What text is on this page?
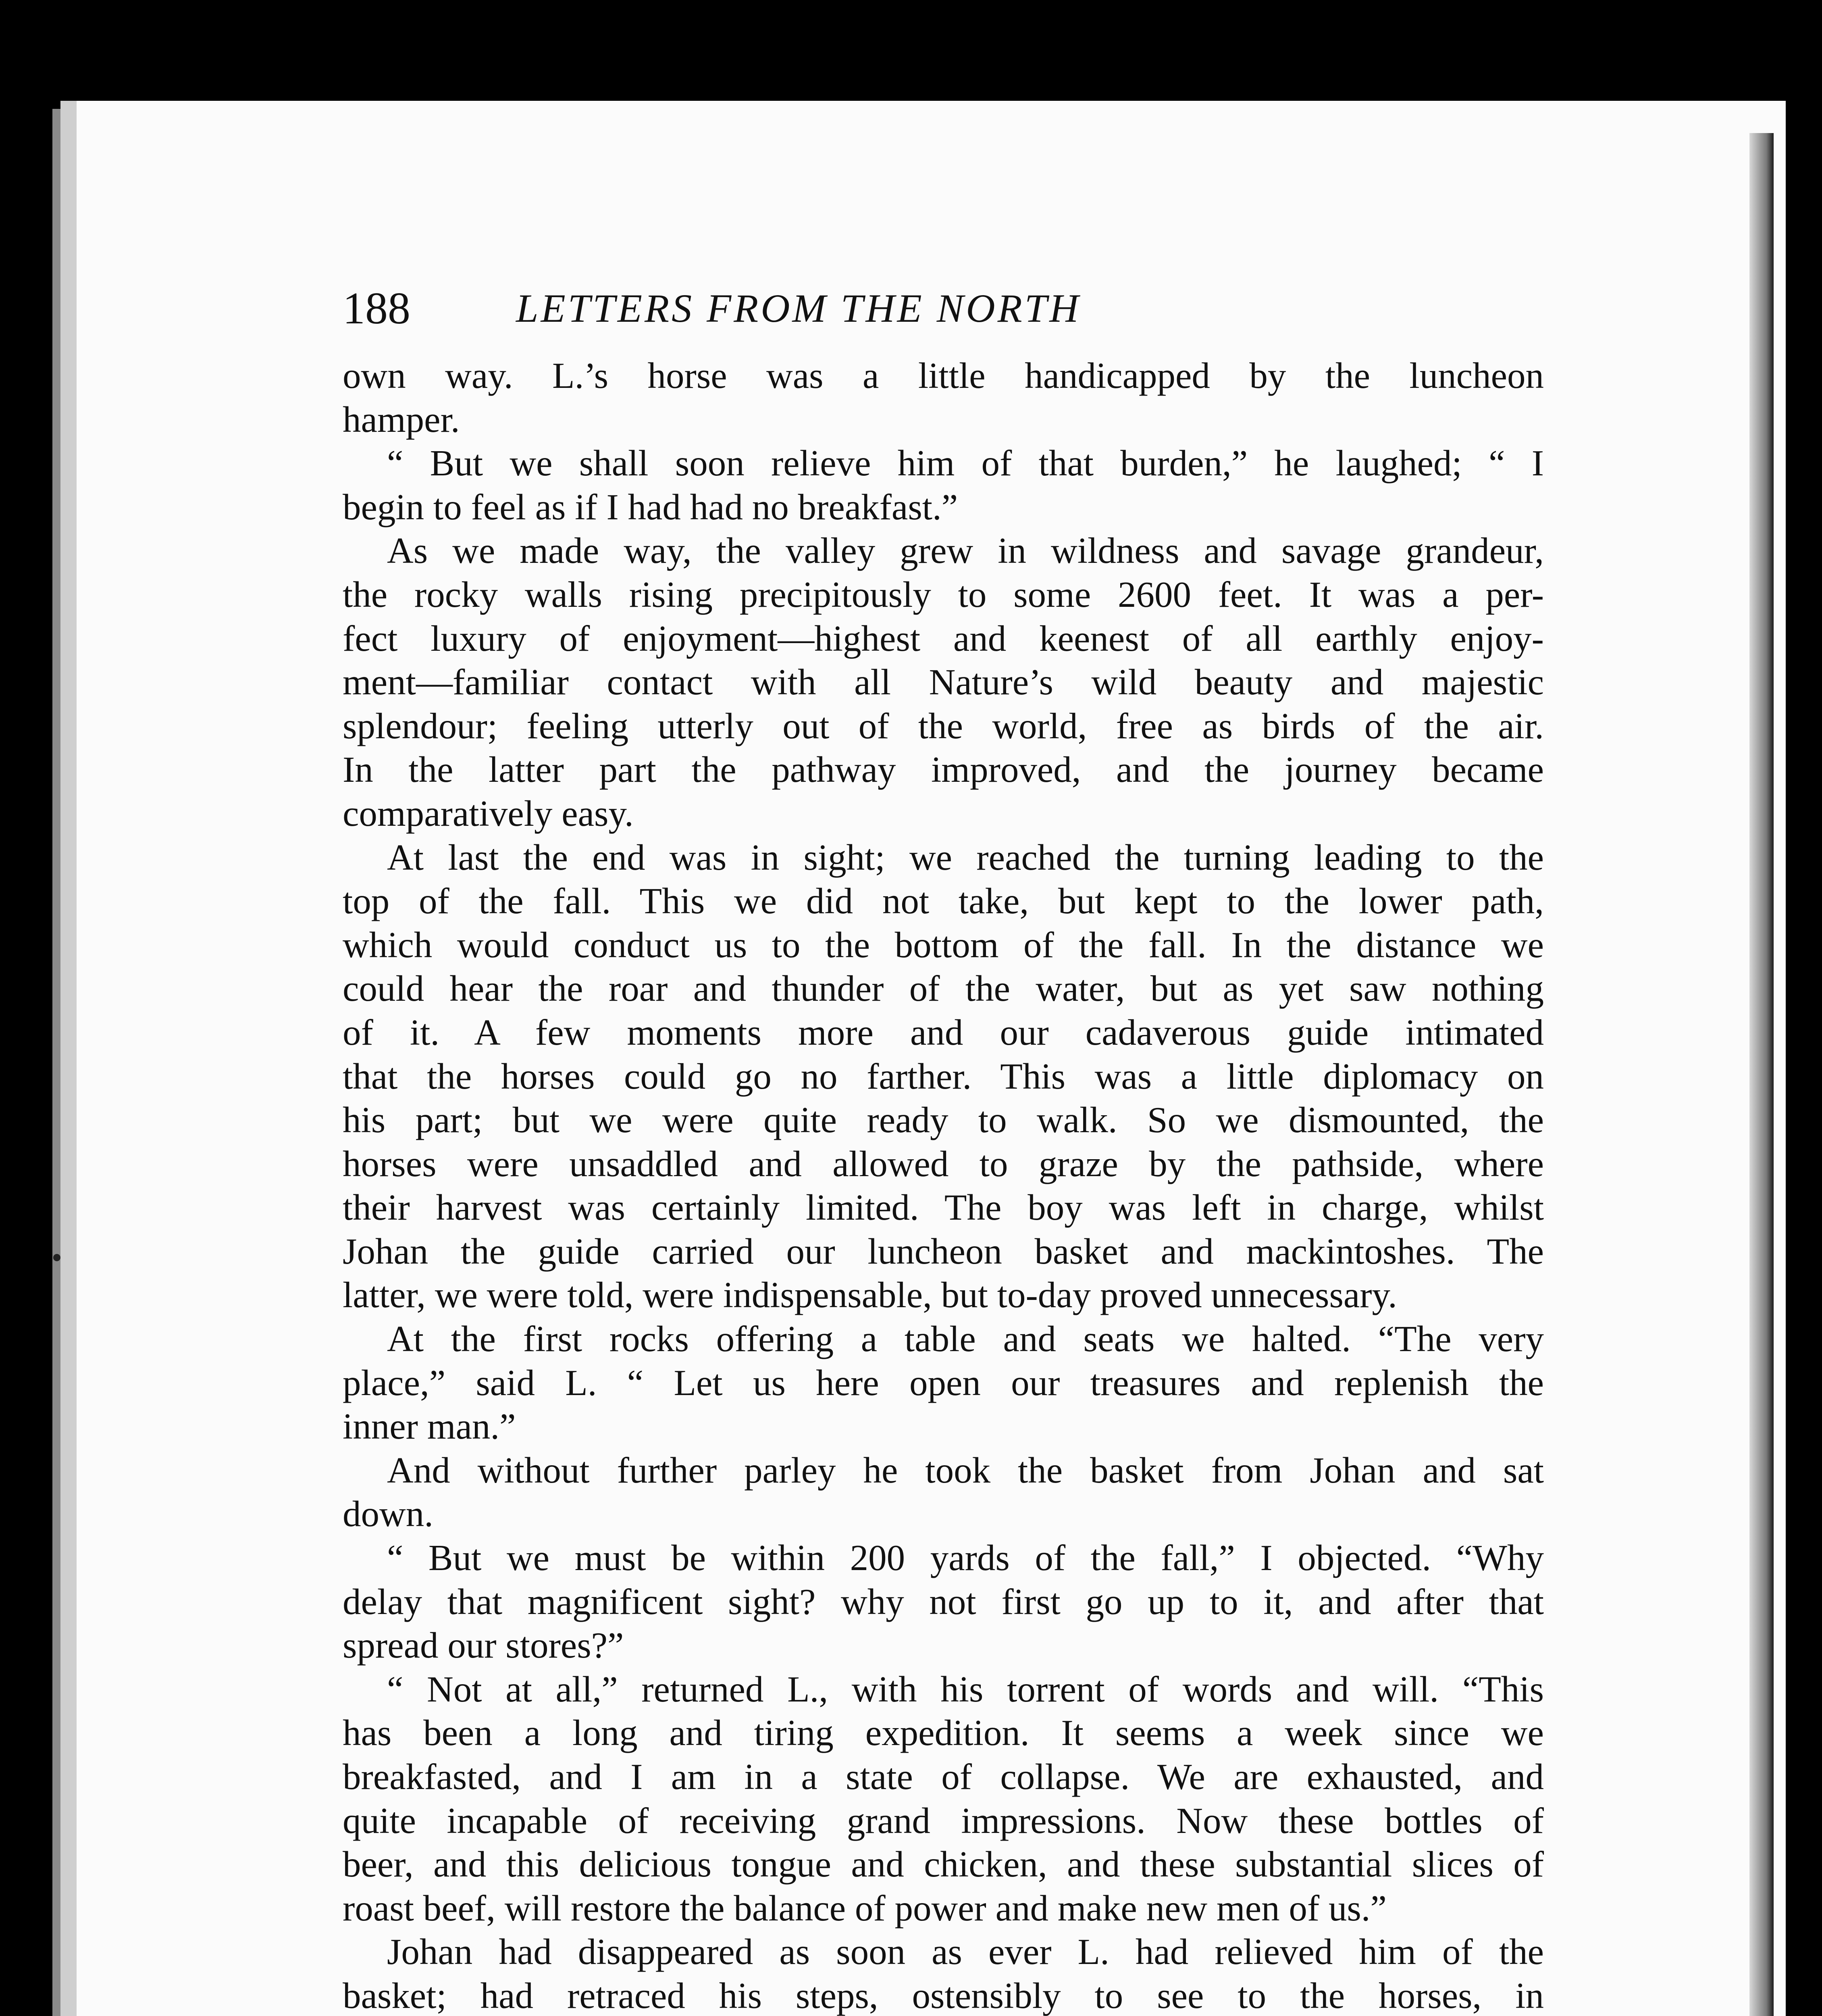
188	LETTERS FROM THE NORTH

own way. L.’s horse was a little handicapped by the luncheon

hamper.

“ But we shall soon relieve him of that burden,” he laughed; “ I

begin to feel as if I had had no breakfast.”

As we made way, the valley grew in wildness and savage grandeur,

the rocky walls rising precipitously to some 2600 feet. It was a per-

fect luxury of enjoyment—highest and keenest of all earthly enjoy-

ment—familiar contact with all Nature’s wild beauty and majestic

splendour; feeling utterly out of the world, free as birds of the air.

In the latter part the pathway improved, and the journey became

comparatively easy.

At last the end was in sight; we reached the turning leading to the

top of the fall. This we did not take, but kept to the lower path,

which would conduct us to the bottom of the fall. In the distance we

could hear the roar and thunder of the water, but as yet saw nothing

of it. A few moments more and our cadaverous guide intimated

that the horses could go no farther. This was a little diplomacy on

his part; but we were quite ready to walk. So we dismounted, the

horses were unsaddled and allowed to graze by the pathside, where

their harvest was certainly limited. The boy was left in charge, whilst

Johan the guide carried our luncheon basket and mackintoshes. The

latter, we were told, were indispensable, but to-day proved unnecessary.

At the first rocks offering a table and seats we halted. “The very

place,” said L. “ Let us here open our treasures and replenish the

inner man.”

And without further parley he took the basket from Johan and sat

down.

“ But we must be within 200 yards of the fall,” I objected. “Why

delay that magnificent sight? why not first go up to it, and after that

spread our stores?”

“ Not at all,” returned L., with his torrent of words and will. “This

has been a long and tiring expedition. It seems a week since we

breakfasted, and I am in a state of collapse. We are exhausted, and

quite incapable of receiving grand impressions. Now these bottles of

beer, and this delicious tongue and chicken, and these substantial slices of

roast beef, will restore the balance of power and make new men of us.”

Johan had disappeared as soon as ever L. had relieved him of the

basket; had retraced his steps, ostensibly to see to the horses, in
